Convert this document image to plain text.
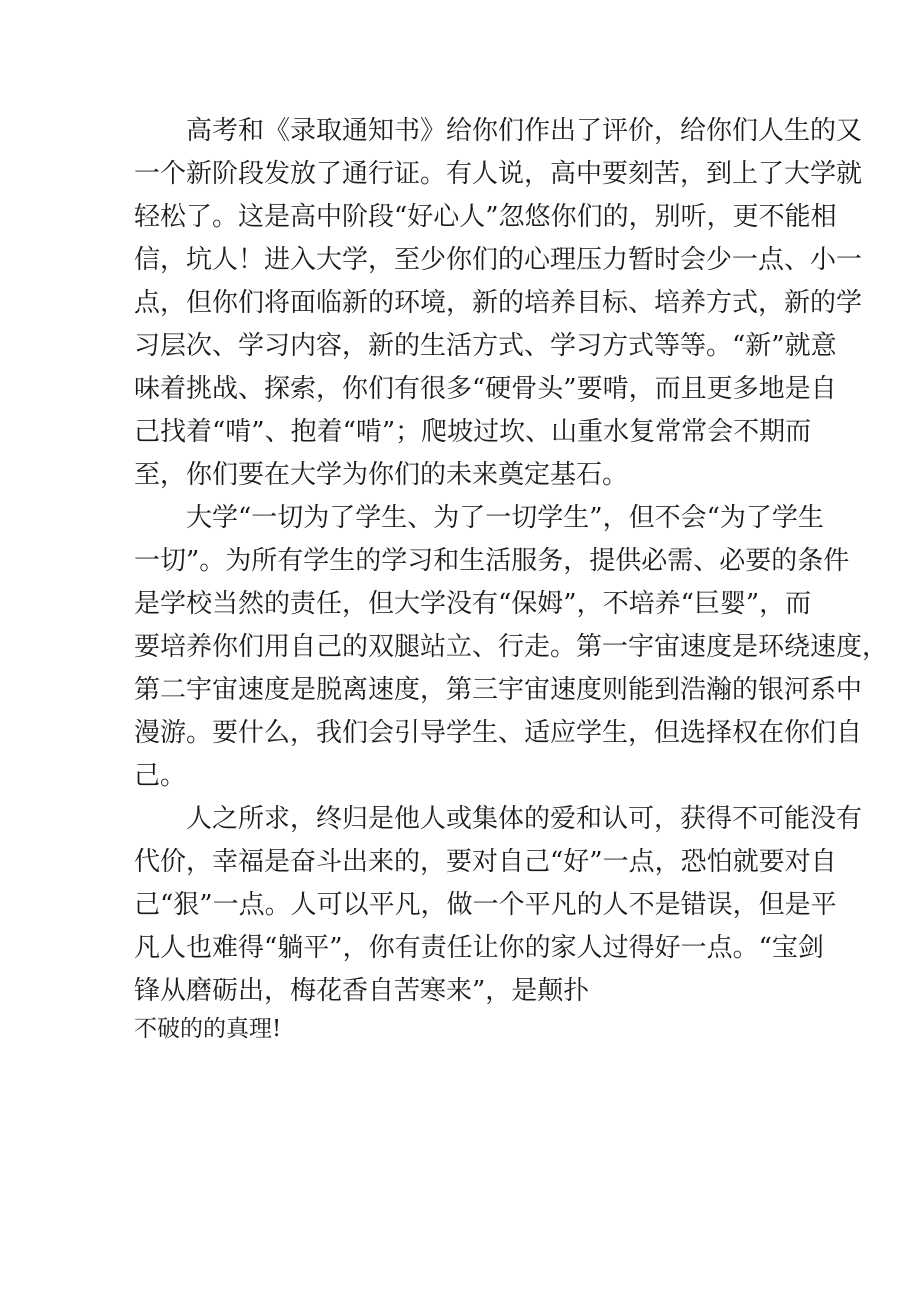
高考和《录取通知书》给你们作出了评价，给你们人生的又
一个新阶段发放了通行证。有人说，高中要刻苦，到上了大学就
轻松了。这是高中阶段“好心人”忽悠你们的，别听，更不能相
信，坑人！进入大学，至少你们的心理压力暂时会少一点、小一
点，但你们将面临新的环境，新的培养目标、培养方式，新的学
习层次、学习内容，新的生活方式、学习方式等等。“新”就意
味着挑战、探索，你们有很多“硬骨头”要啃，而且更多地是自
己找着“啃”、抱着“啃”；爬坡过坎、山重水复常常会不期而
至，你们要在大学为你们的未来奠定基石。
大学“一切为了学生、为了一切学生”，但不会“为了学生
一切”。为所有学生的学习和生活服务，提供必需、必要的条件
是学校当然的责任，但大学没有“保姆”，不培养“巨婴”，而
要培养你们用自己的双腿站立、行走。第一宇宙速度是环绕速度，
第二宇宙速度是脱离速度，第三宇宙速度则能到浩瀚的银河系中
漫游。要什么，我们会引导学生、适应学生，但选择权在你们自
己。
人之所求，终归是他人或集体的爱和认可，获得不可能没有
代价，幸福是奋斗出来的，要对自己“好”一点，恐怕就要对自
己“狠”一点。人可以平凡，做一个平凡的人不是错误，但是平
凡人也难得“躺平”，你有责任让你的家人过得好一点。“宝剑
锋从磨砺出，梅花香自苦寒来”，是颠扑
不破的的真理!
